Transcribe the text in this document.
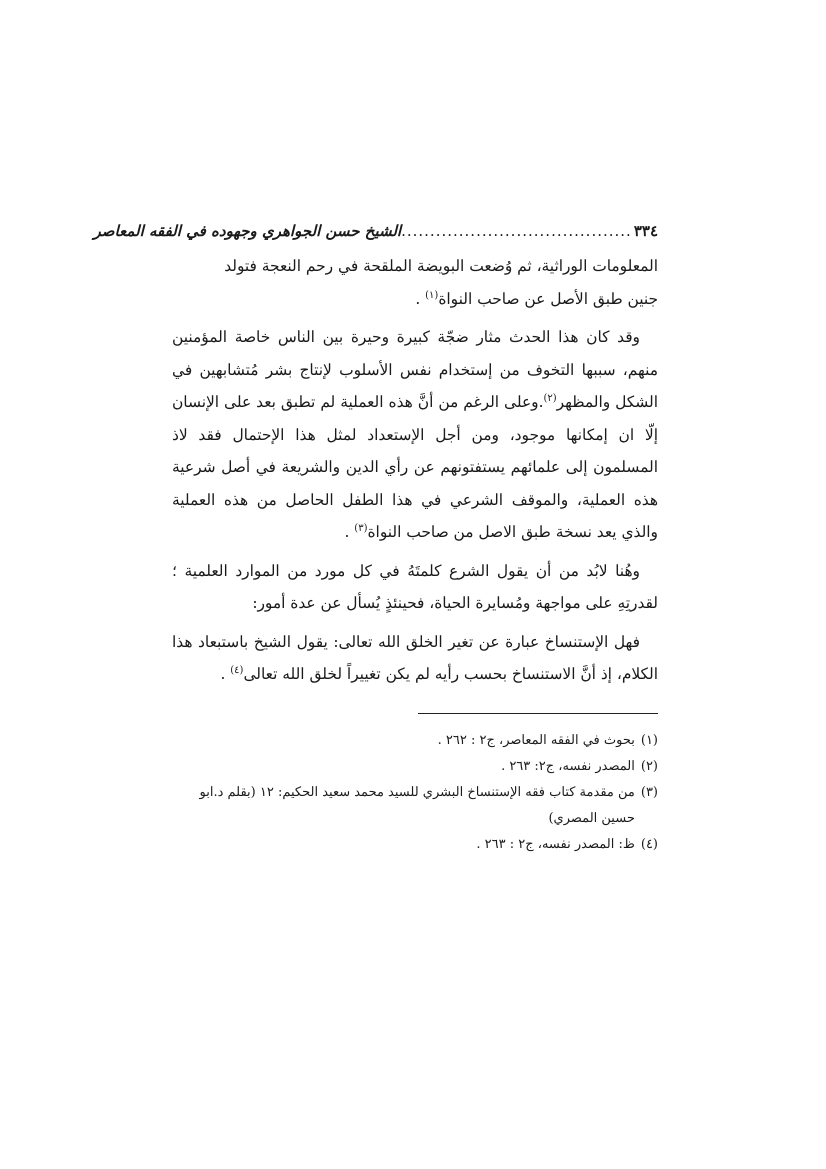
٣٣٤
........................................
الشيخ حسن الجواهري وجهوده في الفقه المعاصر

المعلومات الوراثية، ثم وُضعت البويضة الملقحة في رحم النعجة فتولد
جنين طبق الأصل عن صاحب النواة$^{(١)}$ .

وقد كان هذا الحدث مثار ضجّة كبيرة وحيرة بين الناس خاصة المؤمنين منهم، سببها التخوف من إستخدام نفس الأسلوب لإنتاج بشر مُتشابهين في الشكل والمظهر$^{(٢)}$.وعلى الرغم من أنَّ هذه العملية لم تطبق بعد على الإنسان إلّا ان إمكانها موجود، ومن أجل الإستعداد لمثل هذا الإحتمال فقد لاذ المسلمون إلى علمائهم يستفتونهم عن رأي الدين والشريعة في أصل شرعية هذه العملية، والموقف الشرعي في هذا الطفل الحاصل من هذه العملية والذي يعد نسخة طبق الاصل من صاحب النواة$^{(٣)}$ .

وهُنا لابُد من أن يقول الشرع كلمتَهُ في كل مورد من الموارد العلمية ؛ لقدرتِهِ على مواجهة ومُسايرة الحياة، فحينئذٍ يُسأل عن عدة أمور:

فهل الإستنساخ عبارة عن تغير الخلق الله تعالى: يقول الشيخ باستبعاد هذا الكلام، إذ أنَّ الاستنساخ بحسب رأيه لم يكن تغييراً لخلق الله تعالى$^{(٤)}$ .

(١)
بحوث في الفقه المعاصر، ج٢ : ٢٦٢ .
(٢)
المصدر نفسه، ج٢: ٢٦٣ .
(٣)
من مقدمة كتاب فقه الإستنساخ البشري للسيد محمد سعيد الحكيم: ١٢ (بقلم د.ابو حسين المصري)
(٤)
ظ: المصدر نفسه، ج٢ : ٢٦٣ .
